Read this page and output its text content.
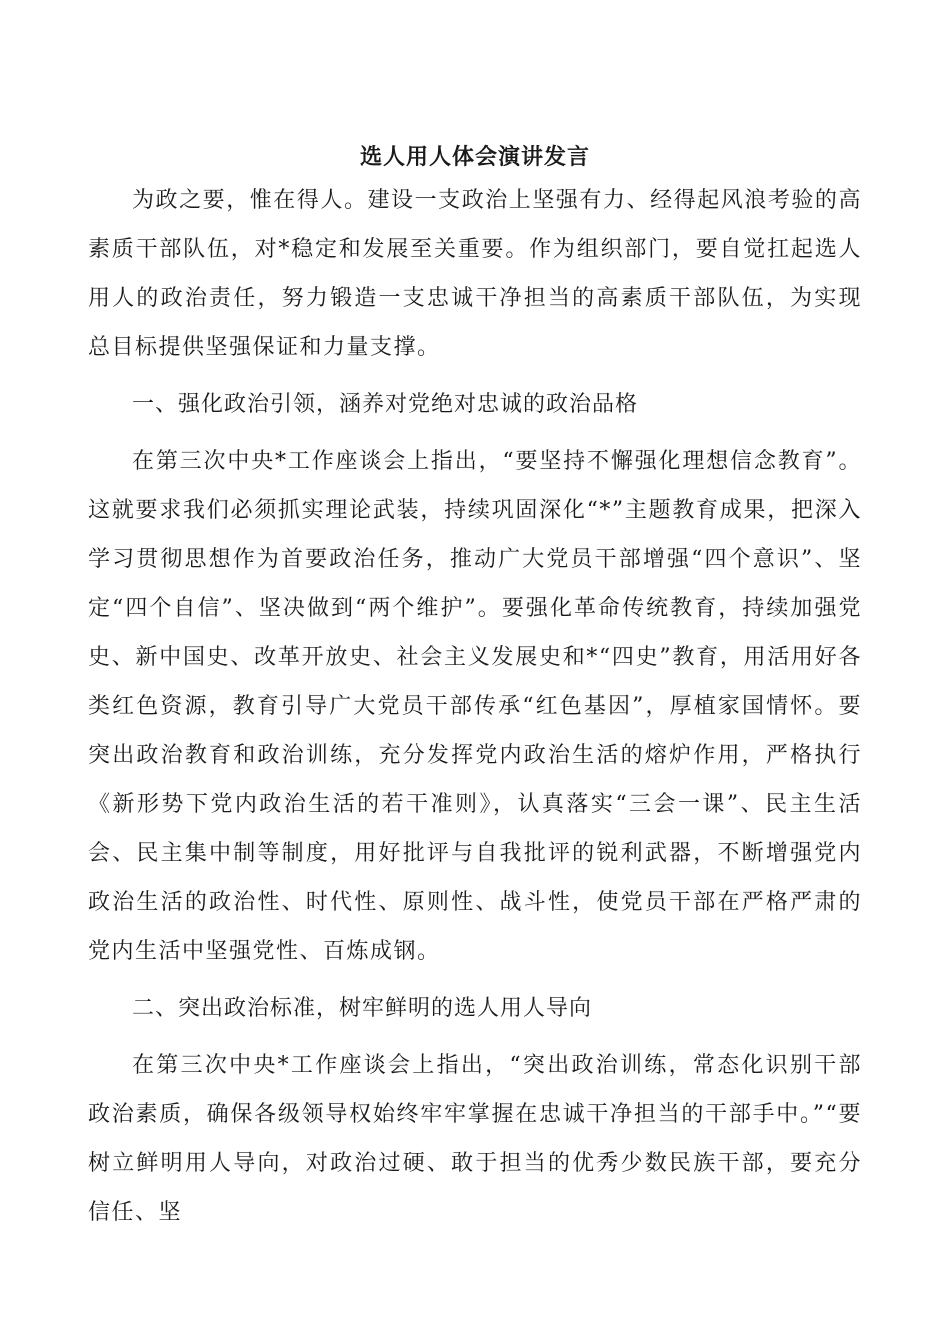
选人用人体会演讲发言

为政之要，惟在得人。建设一支政治上坚强有力、经得起风浪考验的高素质干部队伍，对*稳定和发展至关重要。作为组织部门，要自觉扛起选人用人的政治责任，努力锻造一支忠诚干净担当的高素质干部队伍，为实现总目标提供坚强保证和力量支撑。

一、强化政治引领，涵养对党绝对忠诚的政治品格

在第三次中央*工作座谈会上指出，“要坚持不懈强化理想信念教育”。这就要求我们必须抓实理论武装，持续巩固深化“*”主题教育成果，把深入学习贯彻思想作为首要政治任务，推动广大党员干部增强“四个意识”、坚定“四个自信”、坚决做到“两个维护”。要强化革命传统教育，持续加强党史、新中国史、改革开放史、社会主义发展史和*“四史”教育，用活用好各类红色资源，教育引导广大党员干部传承“红色基因”，厚植家国情怀。要突出政治教育和政治训练，充分发挥党内政治生活的熔炉作用，严格执行《新形势下党内政治生活的若干准则》，认真落实“三会一课”、民主生活会、民主集中制等制度，用好批评与自我批评的锐利武器，不断增强党内政治生活的政治性、时代性、原则性、战斗性，使党员干部在严格严肃的党内生活中坚强党性、百炼成钢。

二、突出政治标准，树牢鲜明的选人用人导向

在第三次中央*工作座谈会上指出，“突出政治训练，常态化识别干部政治素质，确保各级领导权始终牢牢掌握在忠诚干净担当的干部手中。”“要树立鲜明用人导向，对政治过硬、敢于担当的优秀少数民族干部，要充分信任、坚
